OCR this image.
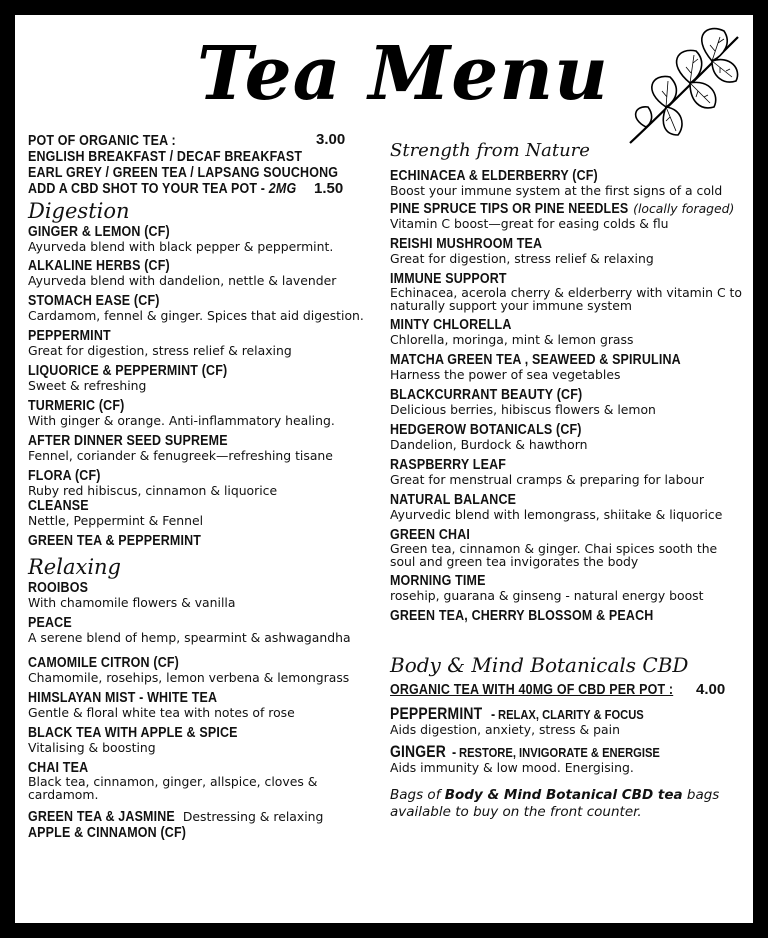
Tea Menu
POT OF ORGANIC TEA :	3.00
ENGLISH BREAKFAST / DECAF BREAKFAST
EARL GREY / GREEN TEA / LAPSANG SOUCHONG
ADD A CBD SHOT TO YOUR TEA POT - 2MG	1.50
Digestion
GINGER & LEMON (CF)
Ayurveda blend with black pepper & peppermint.
ALKALINE HERBS (CF)
Ayurveda blend with dandelion, nettle & lavender
STOMACH EASE (CF)
Cardamom, fennel & ginger. Spices that aid digestion.
PEPPERMINT
Great for digestion, stress relief & relaxing
LIQUORICE & PEPPERMINT (CF)
Sweet & refreshing
TURMERIC (CF)
With ginger & orange. Anti-inflammatory healing.
AFTER DINNER SEED SUPREME
Fennel, coriander & fenugreek—refreshing tisane
FLORA (CF)
Ruby red hibiscus, cinnamon & liquorice
CLEANSE
Nettle, Peppermint & Fennel
GREEN TEA & PEPPERMINT
Relaxing
ROOIBOS
With chamomile flowers & vanilla
PEACE
A serene blend of hemp, spearmint & ashwagandha
CAMOMILE CITRON (CF)
Chamomile, rosehips, lemon verbena & lemongrass
HIMSLAYAN MIST - WHITE TEA
Gentle & floral white tea with notes of rose
BLACK TEA WITH APPLE & SPICE
Vitalising & boosting
CHAI TEA
Black tea, cinnamon, ginger, allspice, cloves & cardamom.
GREEN TEA & JASMINE Destressing & relaxing
APPLE & CINNAMON (CF)
Strength from Nature
ECHINACEA & ELDERBERRY (CF)
Boost your immune system at the first signs of a cold
PINE SPRUCE TIPS OR PINE NEEDLES (locally foraged)
Vitamin C boost—great for easing colds & flu
REISHI MUSHROOM TEA
Great for digestion, stress relief & relaxing
IMMUNE SUPPORT
Echinacea, acerola cherry & elderberry with vitamin C to naturally support your immune system
MINTY CHLORELLA
Chlorella, moringa, mint & lemon grass
MATCHA GREEN TEA , SEAWEED & SPIRULINA
Harness the power of sea vegetables
BLACKCURRANT BEAUTY (CF)
Delicious berries, hibiscus flowers & lemon
HEDGEROW BOTANICALS (CF)
Dandelion, Burdock & hawthorn
RASPBERRY LEAF
Great for menstrual cramps & preparing for labour
NATURAL BALANCE
Ayurvedic blend with lemongrass, shiitake & liquorice
GREEN CHAI
Green tea, cinnamon & ginger. Chai spices sooth the soul and green tea invigorates the body
MORNING TIME
rosehip, guarana & ginseng - natural energy boost
GREEN TEA, CHERRY BLOSSOM & PEACH
Body & Mind Botanicals CBD
ORGANIC TEA WITH 40MG OF CBD PER POT :	4.00
PEPPERMINT-RELAX, CLARITY & FOCUS
Aids digestion, anxiety, stress & pain
GINGER-RESTORE, INVIGORATE & ENERGISE
Aids immunity & low mood. Energising.
Bags of Body & Mind Botanical CBD tea bags available to buy on the front counter.
